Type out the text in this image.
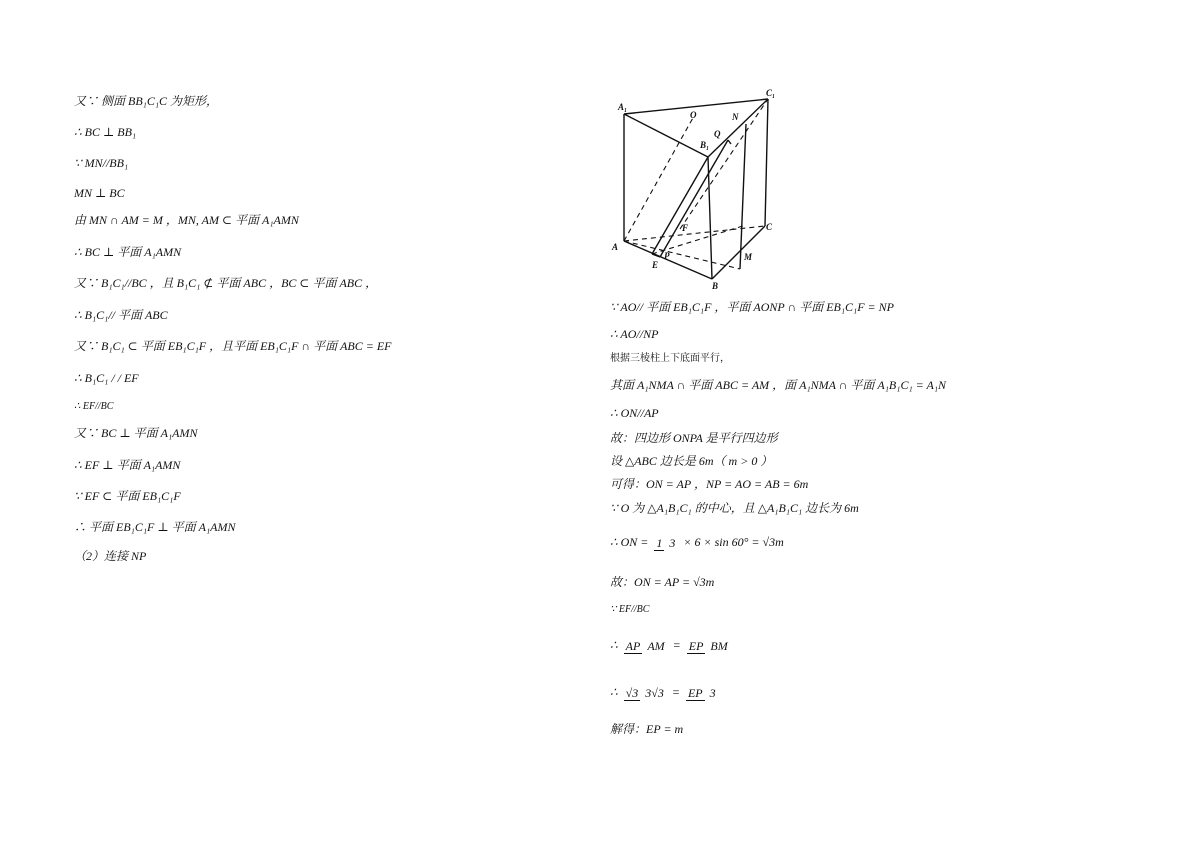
又∵ 侧面 BB₁C₁C 为矩形，
∴ BC ⊥ BB₁
∵ MN//BB₁
MN ⊥ BC
由 MN ∩ AM = M ，MN, AM ⊂ 平面 A₁AMN
∴ BC ⊥ 平面 A₁AMN
又∵ B₁C₁//BC ，且 B₁C₁ ⊄ 平面 ABC ，BC ⊂ 平面 ABC ，
∴ B₁C₁// 平面 ABC
又∵ B₁C₁ ⊂ 平面 EB₁C₁F ，且平面 EB₁C₁F ∩ 平面 ABC = EF
∴ B₁C₁ / / EF
∴ EF//BC
又∵ BC ⊥ 平面 A₁AMN
∴ EF ⊥ 平面 A₁AMN
∵ EF ⊂ 平面 EB₁C₁F
∴ 平面 EB₁C₁F ⊥ 平面 A₁AMN
（2）连接 NP
A₁
C₁
B₁
O	N
Q
A
B
C
E
P
F
M
∵ AO// 平面 EB₁C₁F ，平面 AONP ∩ 平面 EB₁C₁F = NP
∴ AO//NP
根据三棱柱上下底面平行，
其面 A₁NMA ∩ 平面 ABC = AM ，面 A₁NMA ∩ 平面 A₁B₁C₁ = A₁N
∴ ON//AP
故：四边形 ONPA 是平行四边形
设 △ABC 边长是 6m（ m > 0 ）
可得：ON = AP ，NP = AO = AB = 6m
∵ O 为 △A₁B₁C₁ 的中心，且 △A₁B₁C₁ 边长为 6m
∴ ON = 1 3 × 6 × sin 60° = √3m
故：ON = AP = √3m
∵ EF//BC
∴ AP AM = EP BM
∴ √3 3√3 = EP 3
解得：EP = m
